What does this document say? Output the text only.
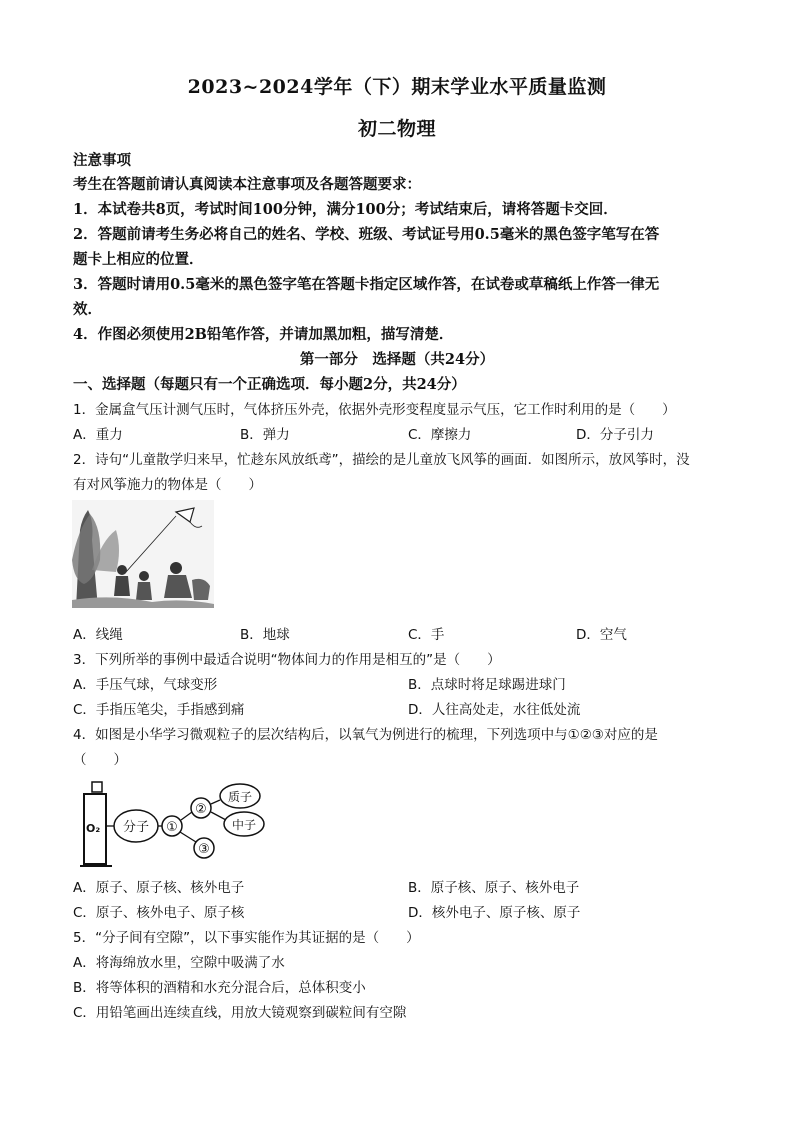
2023~2024学年（下）期末学业水平质量监测
初二物理
注意事项
考生在答题前请认真阅读本注意事项及各题答题要求：
1．本试卷共8页，考试时间100分钟，满分100分；考试结束后，请将答题卡交回．
2．答题前请考生务必将自己的姓名、学校、班级、考试证号用0.5毫米的黑色签字笔写在答
题卡上相应的位置．
3．答题时请用0.5毫米的黑色签字笔在答题卡指定区域作答，在试卷或草稿纸上作答一律无
效．
4．作图必须使用2B铅笔作答，并请加黑加粗，描写清楚．
第一部分　选择题（共24分）
一、选择题（每题只有一个正确选项．每小题2分，共24分）
1．金属盒气压计测气压时，气体挤压外壳，依据外壳形变程度显示气压，它工作时利用的是（　　）
A．重力	B．弹力	C．摩擦力	D．分子引力
2．诗句“儿童散学归来早，忙趁东风放纸鸢”，描绘的是儿童放飞风筝的画面．如图所示，放风筝时，没
有对风筝施力的物体是（　　）
A．线绳	B．地球	C．手	D．空气
3．下列所举的事例中最适合说明“物体间力的作用是相互的”是（　　）
A．手压气球，气球变形	B．点球时将足球踢进球门
C．手指压笔尖，手指感到痛	D．人往高处走，水往低处流
4．如图是小华学习微观粒子的层次结构后，以氧气为例进行的梳理，下列选项中与①②③对应的是
（　　）
O₂ 分子 ①
②
③
质子
中子
A．原子、原子核、核外电子	B．原子核、原子、核外电子
C．原子、核外电子、原子核	D．核外电子、原子核、原子
5．“分子间有空隙”，以下事实能作为其证据的是（　　）
A．将海绵放水里，空隙中吸满了水
B．将等体积的酒精和水充分混合后，总体积变小
C．用铅笔画出连续直线，用放大镜观察到碳粒间有空隙
